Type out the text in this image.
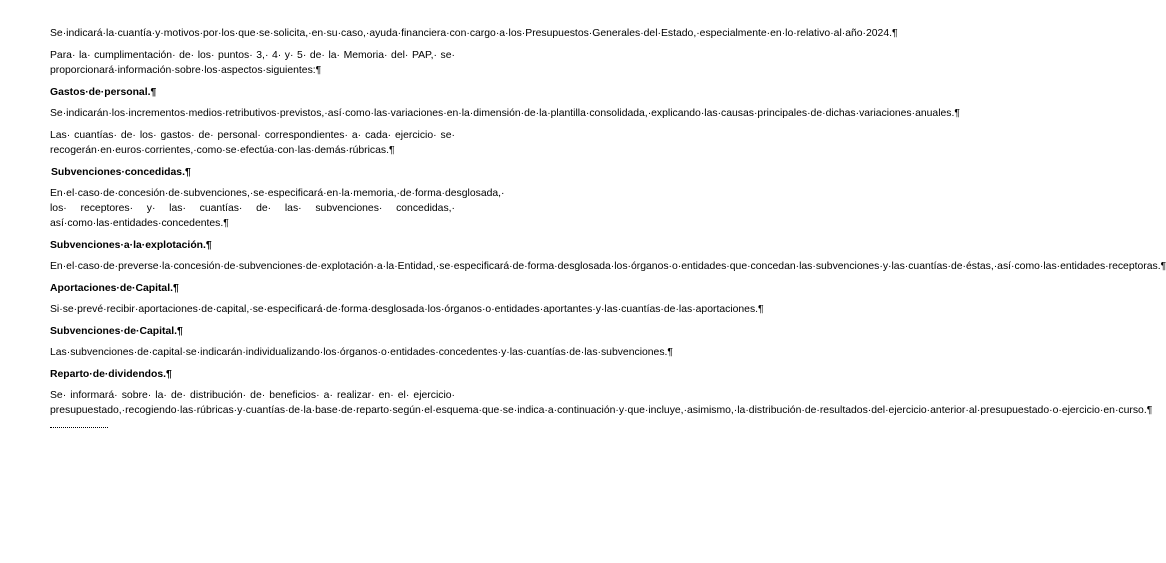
Se·indicará·la·cuantía·y·motivos·por·los·que·se·solicita,·en·su·caso,·ayuda·financiera·con·cargo·a·los·Presupuestos·Generales·del·Estado,·especialmente·en·lo·relativo·al·año·2024.¶

Para· la· cumplimentación· de· los· puntos· 3,· 4· y· 5· de· la· Memoria· del· PAP,· se· proporcionará·información·sobre·los·aspectos·siguientes:¶

Gastos·de·personal.¶

Se·indicarán·los·incrementos·medios·retributivos·previstos,·así·como·las·variaciones·en·la·dimensión·de·la·plantilla·consolidada,·explicando·las·causas·principales·de·dichas·variaciones·anuales.¶

Las· cuantías· de· los· gastos· de· personal· correspondientes· a· cada· ejercicio· se· recogerán·en·euros·corrientes,·como·se·efectúa·con·las·demás·rúbricas.¶

Subvenciones·concedidas.¶

En·el·caso·de·concesión·de·subvenciones,·se·especificará·en·la·memoria,·de·forma·desglosada,· los· receptores· y· las· cuantías· de· las· subvenciones· concedidas,· así·como·las·entidades·concedentes.¶

Subvenciones·a·la·explotación.¶

En·el·caso·de·preverse·la·concesión·de·subvenciones·de·explotación·a·la·Entidad,·se·especificará·de·forma·desglosada·los·órganos·o·entidades·que·concedan·las·subvenciones·y·las·cuantías·de·éstas,·así·como·las·entidades·receptoras.¶

Aportaciones·de·Capital.¶

Si·se·prevé·recibir·aportaciones·de·capital,·se·especificará·de·forma·desglosada·los·órganos·o·entidades·aportantes·y·las·cuantías·de·las·aportaciones.¶

Subvenciones·de·Capital.¶

Las·subvenciones·de·capital·se·indicarán·individualizando·los·órganos·o·entidades·concedentes·y·las·cuantías·de·las·subvenciones.¶

Reparto·de·dividendos.¶

Se· informará· sobre· la· de· distribución· de· beneficios· a· realizar· en· el· ejercicio· presupuestado,·recogiendo·las·rúbricas·y·cuantías·de·la·base·de·reparto·según·el·esquema·que·se·indica·a·continuación·y·que·incluye,·asimismo,·la·distribución·de·resultados·del·ejercicio·anterior·al·presupuestado·o·ejercicio·en·curso.¶
